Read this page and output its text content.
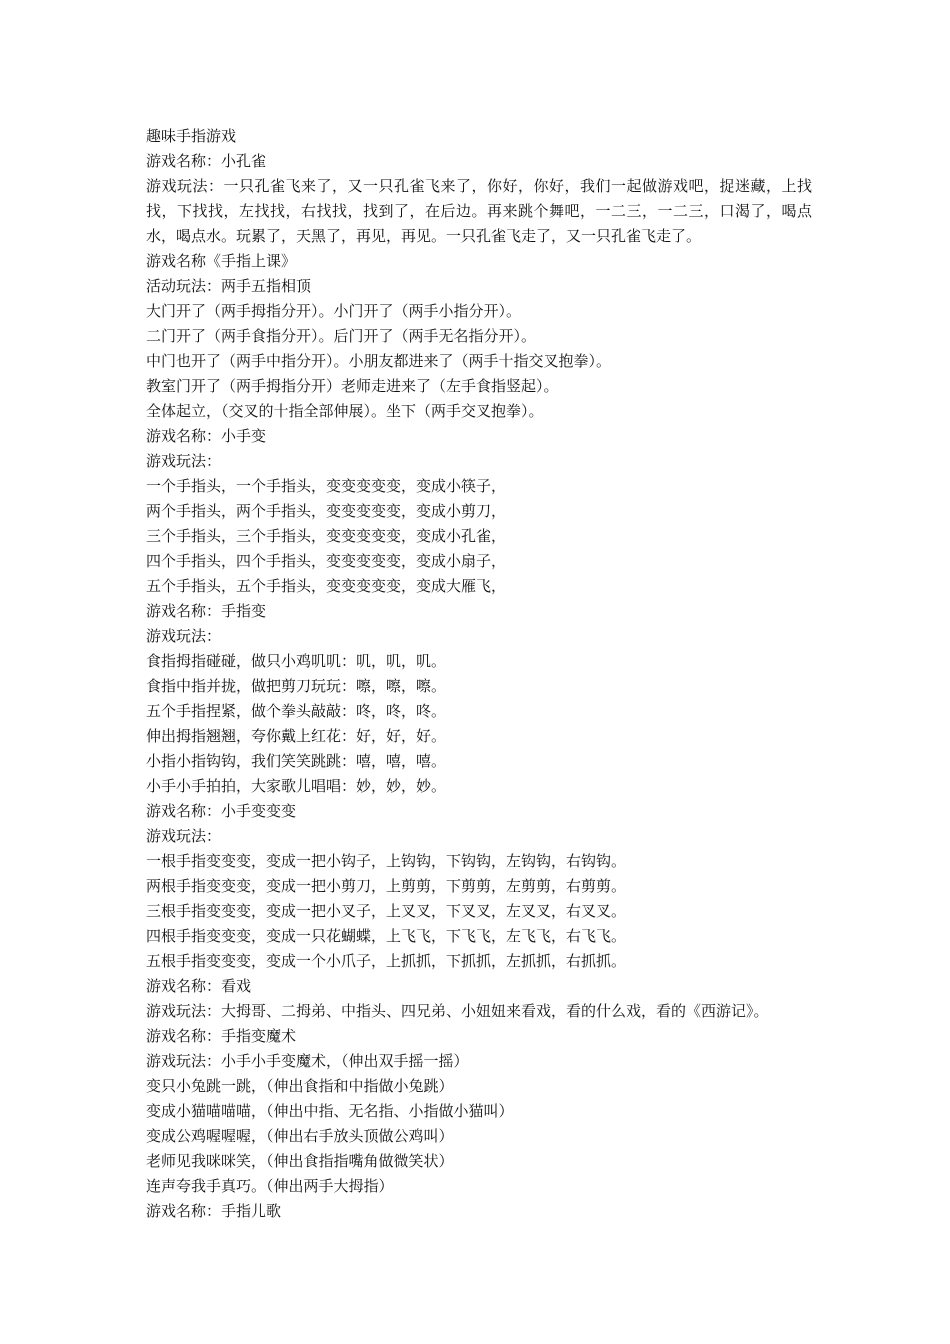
趣味手指游戏
游戏名称：小孔雀
游戏玩法：一只孔雀飞来了，又一只孔雀飞来了，你好，你好，我们一起做游戏吧，捉迷藏，上找找，下找找，左找找，右找找，找到了，在后边。再来跳个舞吧，一二三，一二三，口渴了，喝点水，喝点水。玩累了，天黑了，再见，再见。一只孔雀飞走了，又一只孔雀飞走了。
游戏名称《手指上课》
活动玩法：两手五指相顶
大门开了（两手拇指分开）。小门开了（两手小指分开）。
二门开了（两手食指分开）。后门开了（两手无名指分开）。
中门也开了（两手中指分开）。小朋友都进来了（两手十指交叉抱拳）。
教室门开了（两手拇指分开）老师走进来了（左手食指竖起）。
全体起立，（交叉的十指全部伸展）。坐下（两手交叉抱拳）。
游戏名称：小手变
游戏玩法：
一个手指头，一个手指头，变变变变变，变成小筷子，
两个手指头，两个手指头，变变变变变，变成小剪刀，
三个手指头，三个手指头，变变变变变，变成小孔雀，
四个手指头，四个手指头，变变变变变，变成小扇子，
五个手指头，五个手指头，变变变变变，变成大雁飞，
游戏名称：手指变
游戏玩法：
食指拇指碰碰，做只小鸡叽叽：叽，叽，叽。
食指中指并拢，做把剪刀玩玩：嚓，嚓，嚓。
五个手指捏紧，做个拳头敲敲：咚，咚，咚。
伸出拇指翘翘，夸你戴上红花：好，好，好。
小指小指钩钩，我们笑笑跳跳：嘻，嘻，嘻。
小手小手拍拍，大家歌儿唱唱：妙，妙，妙。
游戏名称：小手变变变
游戏玩法：
一根手指变变变，变成一把小钩子，上钩钩，下钩钩，左钩钩，右钩钩。
两根手指变变变，变成一把小剪刀，上剪剪，下剪剪，左剪剪，右剪剪。
三根手指变变变，变成一把小叉子，上叉叉，下叉叉，左叉叉，右叉叉。
四根手指变变变，变成一只花蝴蝶，上飞飞，下飞飞，左飞飞，右飞飞。
五根手指变变变，变成一个小爪子，上抓抓，下抓抓，左抓抓，右抓抓。
游戏名称：看戏
游戏玩法：大拇哥、二拇弟、中指头、四兄弟、小妞妞来看戏，看的什么戏，看的《西游记》。
游戏名称：手指变魔术
游戏玩法：小手小手变魔术，（伸出双手摇一摇）
变只小兔跳一跳，（伸出食指和中指做小兔跳）
变成小猫喵喵喵，（伸出中指、无名指、小指做小猫叫）
变成公鸡喔喔喔，（伸出右手放头顶做公鸡叫）
老师见我咪咪笑，（伸出食指指嘴角做微笑状）
连声夸我手真巧。（伸出两手大拇指）
游戏名称：手指儿歌
